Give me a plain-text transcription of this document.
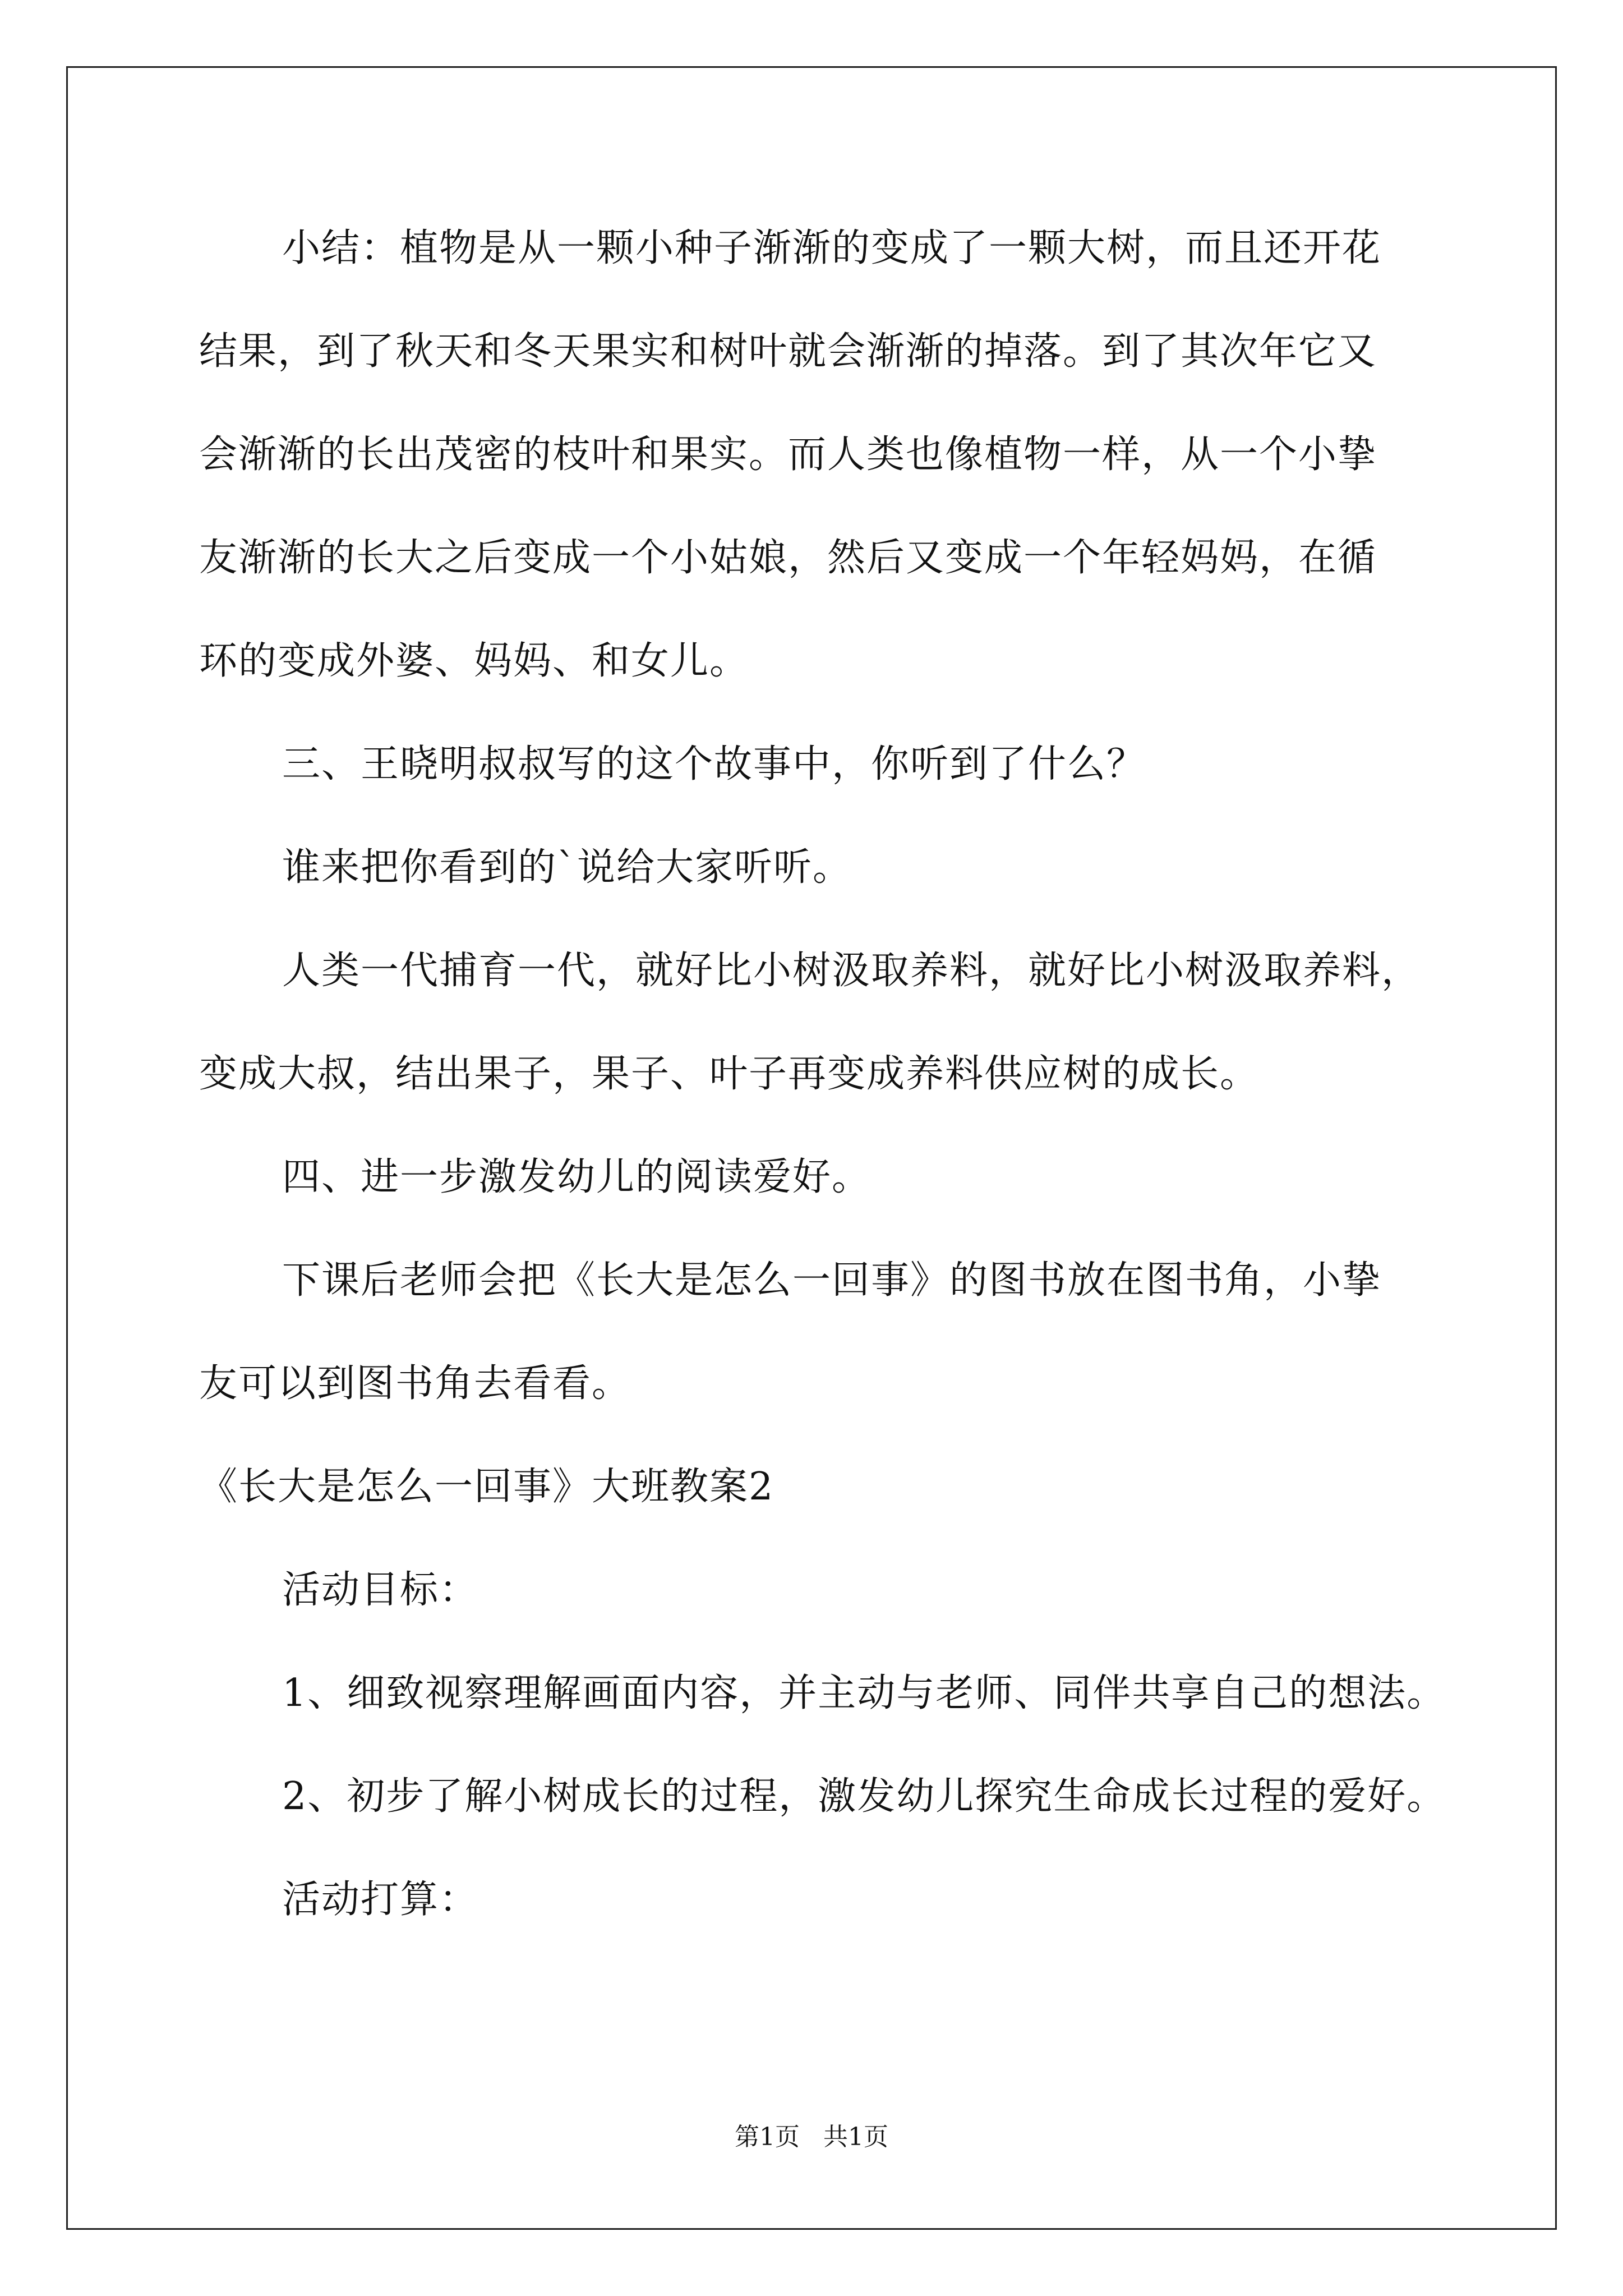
小结：植物是从一颗小种子渐渐的变成了一颗大树，而且还开花
结果，到了秋天和冬天果实和树叶就会渐渐的掉落。到了其次年它又
会渐渐的长出茂密的枝叶和果实。而人类也像植物一样，从一个小挚
友渐渐的长大之后变成一个小姑娘，然后又变成一个年轻妈妈，在循
环的变成外婆、妈妈、和女儿。
三、王晓明叔叔写的这个故事中，你听到了什么？
谁来把你看到的`说给大家听听。
人类一代捕育一代，就好比小树汲取养料，就好比小树汲取养料，
变成大叔，结出果子，果子、叶子再变成养料供应树的成长。
四、进一步激发幼儿的阅读爱好。
下课后老师会把《长大是怎么一回事》的图书放在图书角，小挚
友可以到图书角去看看。
《长大是怎么一回事》大班教案2
活动目标：
1、细致视察理解画面内容，并主动与老师、同伴共享自己的想法。
2、初步了解小树成长的过程，激发幼儿探究生命成长过程的爱好。
活动打算：
第1页   共1页
